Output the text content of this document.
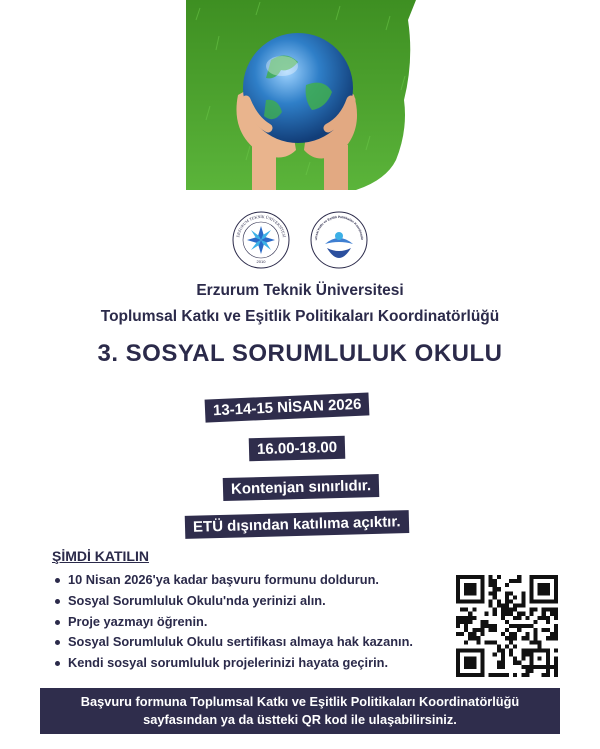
2010
ERZURUM TEKNİK ÜNİVERSİTESİ
umsal Katkı ve Eşitlik Politikaları Koordinatör
Erzurum Teknik Üniversitesi
Toplumsal Katkı ve Eşitlik Politikaları Koordinatörlüğü
3. SOSYAL SORUMLULUK OKULU
13-14-15 NİSAN 2026
16.00-18.00
Kontenjan sınırlıdır.
ETÜ dışından katılıma açıktır.
ŞİMDİ KATILIN
10 Nisan 2026'ya kadar başvuru formunu doldurun.
Sosyal Sorumluluk Okulu'nda yerinizi alın.
Proje yazmayı öğrenin.
Sosyal Sorumluluk Okulu sertifikası almaya hak kazanın.
Kendi sosyal sorumluluk projelerinizi hayata geçirin.
Başvuru formuna Toplumsal Katkı ve Eşitlik Politikaları Koordinatörlüğü
sayfasından ya da üstteki QR kod ile ulaşabilirsiniz.
